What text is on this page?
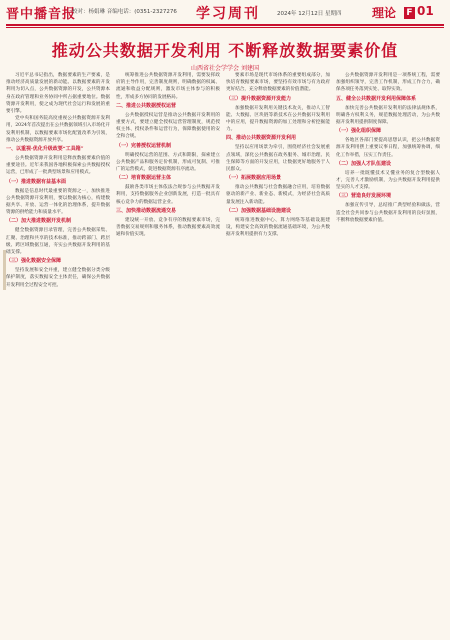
晋中播音报
校对：杨娟琳 音编电话：(0351-2327276 学习周刊	2024年 12月12日 星期四	理论 F 01
推动公共数据开发利用 不断释放数据要素价值
山西省社会学学会 刘建国

习近平总书记指出，数据要素的生产要素，是推动经济高质量发展的新动能。以数据要素的开发利用为切入点，公共数据资源的开发，公共资源本身在政府管理和业务协同中所占据重要地位。数据资源开发利用，使之成为现代社会运行和发展的重要引擎。

党中央和国务院高度重视公共数据资源开发利用，2024年首次提出在公共数据领域引入市场化开发利用机制，以数据要素市场化配置改革为引领，推动公共数据资源开放共享。

一、以重视·优化升级政要“工具箱”

公共数据资源开发利用是释放数据要素价值的重要途径。近年来我国各地积极探索公共数据授权运营，已形成了一批典型场景和应用模式。

（一）推进数据有益基本面

数据是信息时代最重要的资源之一，加快推进公共数据资源开发利用，要以数据为核心，构建数据共享、开放、运营一体化的治理体系，提升数据资源的供给能力和质量水平。

（二）加大推进数据开发机制

健全数据资源目录管理，完善公共数据采集、汇聚、治理和共享的技术标准，推动跨部门、跨层级、跨区域数据互通，夯实公共数据开发利用的基础支撑。

（三）强化数据安全保障

坚持发展和安全并重，建立健全数据分类分级保护制度，落实数据安全主体责任，确保公共数据开发利用全过程安全可控。

统筹推进公共数据资源开发利用，需要发挥政府的主导作用，完善制度规则，明确数据的权属、流通和收益分配规则，激发市场主体参与的积极性，形成多方协同的发展格局。

二、推进公共数据授权运营

公共数据授权运营是推动公共数据开发利用的重要方式，要建立健全授权运营管理制度，规范授权主体、授权条件和运营行为，保障数据使用的安全和合规。

（一）完善授权运营机制

明确授权运营的范围、方式和期限，探索建立公共数据产品和服务定价机制，形成可复制、可推广的运营模式，促进数据资源有序流动。

（二）培育数据运营主体

鼓励各类市场主体依法合规参与公共数据开发利用，支持数据服务企业创新发展，打造一批具有核心竞争力的数据运营企业。

三、加快推动数据流通交易

建设统一开放、竞争有序的数据要素市场，完善数据交易规则和服务体系，推动数据要素高效流通和价值实现。

要素市场是现代市场体系的重要组成部分，加快培育数据要素市场，要坚持有效市场与有为政府更好结合，充分释放数据要素的价值潜能。

（三）提升数据资源开发能力

加强数据开发利用关键技术攻关，推动人工智能、大数据、区块链等新技术在公共数据开发利用中的应用，提升数据资源的加工处理和分析挖掘能力。

四、推动公共数据资源开发利用

坚持以应用场景为牵引，围绕经济社会发展重点领域，深化公共数据在政务服务、城市治理、民生保障等方面的开发应用，让数据更好地服务于人民群众。

（一）拓展数据应用场景

推动公共数据与社会数据融合应用，培育数据驱动的新产业、新业态、新模式，为经济社会高质量发展注入新动能。

（二）加强数据基础设施建设

统筹推进数据中心、算力网络等基础设施建设，构建安全高效的数据流通基础环境，为公共数据开发利用提供有力支撑。

公共数据资源开发利用是一项系统工程，需要加强组织领导，完善工作机制，形成工作合力，确保各项任务落到实处、取得实效。

五、健全公共数据开发利用保障体系

加快完善公共数据开发利用的法律法规体系，明确各方权利义务，规范数据处理活动，为公共数据开发利用提供制度保障。

（一）强化组织保障

各地区各部门要提高思想认识，把公共数据资源开发利用摆上重要议事日程，加强统筹协调，细化工作举措，压实工作责任。

（二）加强人才队伍建设

培养一批既懂技术又懂业务的复合型数据人才，完善人才激励机制，为公共数据开发利用提供坚实的人才支撑。

（三）营造良好发展环境

加强宣传引导，总结推广典型经验和做法，营造全社会共同参与公共数据开发利用的良好氛围，不断释放数据要素价值。
